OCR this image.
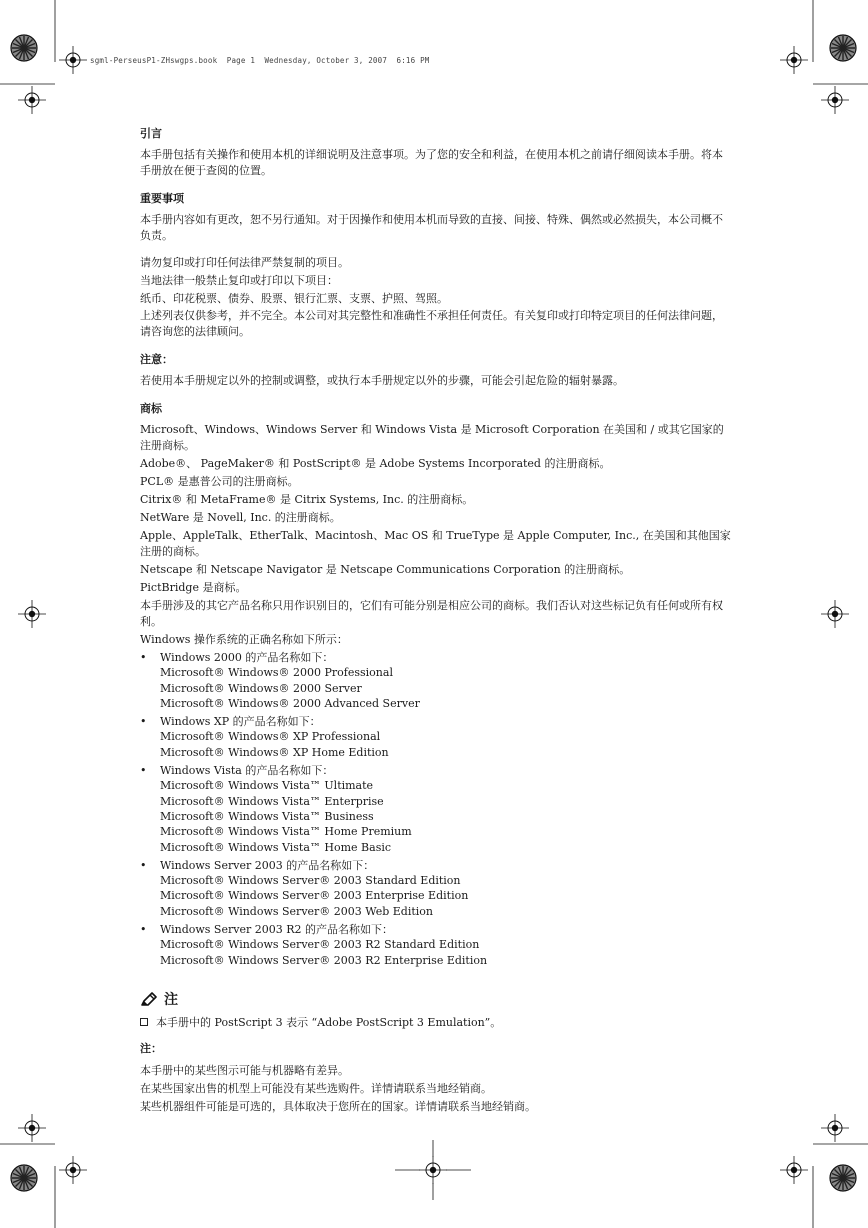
sgml-PerseusP1-ZHswgps.book  Page 1  Wednesday, October 3, 2007  6:16 PM

引言

本手册包括有关操作和使用本机的详细说明及注意事项。为了您的安全和利益，在使用本机之前请仔细阅读本手册。将本手册放在便于查阅的位置。

重要事项

本手册内容如有更改，恕不另行通知。对于因操作和使用本机而导致的直接、间接、特殊、偶然或必然损失，本公司概不负责。

请勿复印或打印任何法律严禁复制的项目。

当地法律一般禁止复印或打印以下项目：

纸币、印花税票、债券、股票、银行汇票、支票、护照、驾照。

上述列表仅供参考，并不完全。本公司对其完整性和准确性不承担任何责任。有关复印或打印特定项目的任何法律问题，请咨询您的法律顾问。

注意：

若使用本手册规定以外的控制或调整，或执行本手册规定以外的步骤，可能会引起危险的辐射暴露。

商标

Microsoft、Windows、Windows Server 和 Windows Vista 是 Microsoft Corporation 在美国和 / 或其它国家的注册商标。

Adobe®、 PageMaker® 和 PostScript® 是 Adobe Systems Incorporated 的注册商标。

PCL® 是惠普公司的注册商标。

Citrix® 和 MetaFrame® 是 Citrix Systems, Inc. 的注册商标。

NetWare 是 Novell, Inc. 的注册商标。

Apple、AppleTalk、EtherTalk、Macintosh、Mac OS 和 TrueType 是 Apple Computer, Inc., 在美国和其他国家注册的商标。

Netscape 和 Netscape Navigator 是 Netscape Communications Corporation 的注册商标。

PictBridge 是商标。

本手册涉及的其它产品名称只用作识别目的，它们有可能分别是相应公司的商标。我们否认对这些标记负有任何或所有权利。

Windows 操作系统的正确名称如下所示：

• Windows 2000 的产品名称如下：
Microsoft® Windows® 2000 Professional
Microsoft® Windows® 2000 Server
Microsoft® Windows® 2000 Advanced Server
• Windows XP 的产品名称如下：
Microsoft® Windows® XP Professional
Microsoft® Windows® XP Home Edition
• Windows Vista 的产品名称如下：
Microsoft® Windows Vista™ Ultimate
Microsoft® Windows Vista™ Enterprise
Microsoft® Windows Vista™ Business
Microsoft® Windows Vista™ Home Premium
Microsoft® Windows Vista™ Home Basic
• Windows Server 2003 的产品名称如下：
Microsoft® Windows Server® 2003 Standard Edition
Microsoft® Windows Server® 2003 Enterprise Edition
Microsoft® Windows Server® 2003 Web Edition
• Windows Server 2003 R2 的产品名称如下：
Microsoft® Windows Server® 2003 R2 Standard Edition
Microsoft® Windows Server® 2003 R2 Enterprise Edition
注
本手册中的 PostScript 3 表示 “Adobe PostScript 3 Emulation”。

注：

本手册中的某些图示可能与机器略有差异。

在某些国家出售的机型上可能没有某些选购件。详情请联系当地经销商。

某些机器组件可能是可选的，具体取决于您所在的国家。详情请联系当地经销商。
